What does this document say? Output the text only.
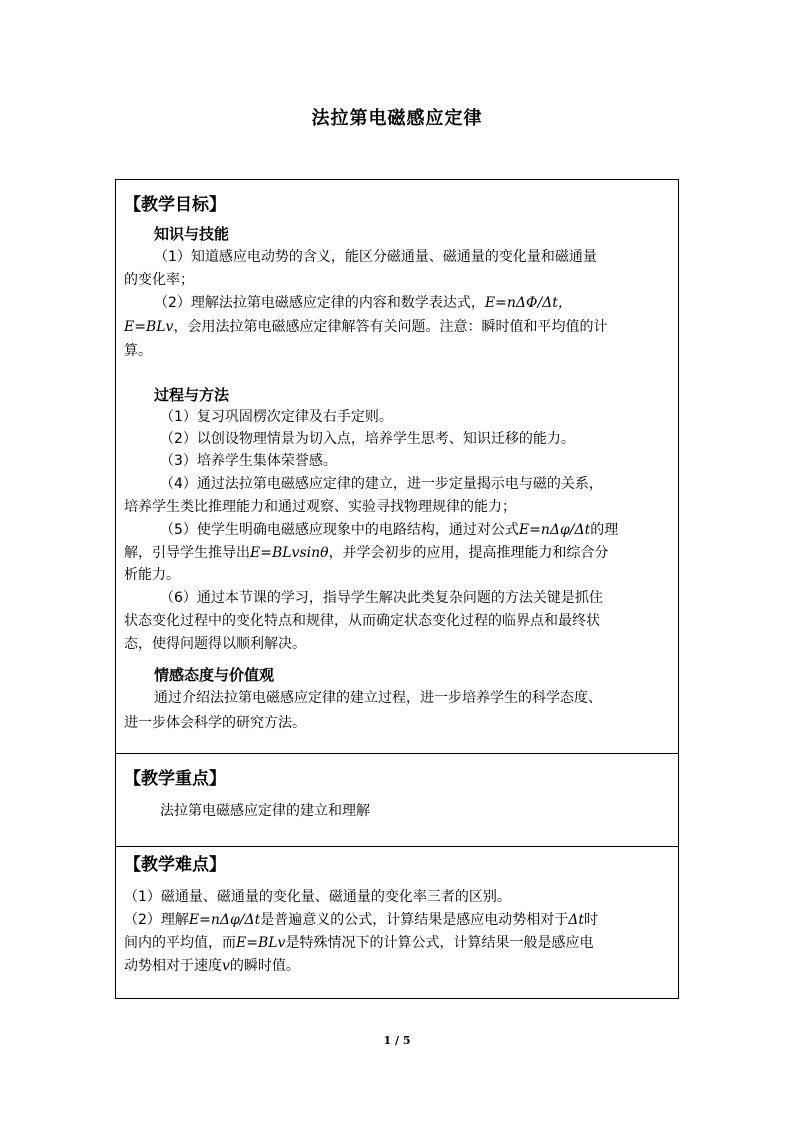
法拉第电磁感应定律
【教学目标】
知识与技能
（1）知道感应电动势的含义，能区分磁通量、磁通量的变化量和磁通量
的变化率；
（2）理解法拉第电磁感应定律的内容和数学表达式，E=nΔΦ/Δt，
E=BLv，会用法拉第电磁感应定律解答有关问题。注意：瞬时值和平均值的计
算。
过程与方法
（1）复习巩固楞次定律及右手定则。
（2）以创设物理情景为切入点，培养学生思考、知识迁移的能力。
（3）培养学生集体荣誉感。
（4）通过法拉第电磁感应定律的建立，进一步定量揭示电与磁的关系，
培养学生类比推理能力和通过观察、实验寻找物理规律的能力；
（5）使学生明确电磁感应现象中的电路结构，通过对公式E=nΔφ/Δt的理
解，引导学生推导出E=BLvsinθ，并学会初步的应用，提高推理能力和综合分
析能力。
（6）通过本节课的学习，指导学生解决此类复杂问题的方法关键是抓住
状态变化过程中的变化特点和规律，从而确定状态变化过程的临界点和最终状
态，使得问题得以顺利解决。
情感态度与价值观
通过介绍法拉第电磁感应定律的建立过程，进一步培养学生的科学态度、
进一步体会科学的研究方法。
【教学重点】
法拉第电磁感应定律的建立和理解
【教学难点】
（1）磁通量、磁通量的变化量、磁通量的变化率三者的区别。
（2）理解E=nΔφ/Δt是普遍意义的公式，计算结果是感应电动势相对于Δt时
间内的平均值，而E=BLv是特殊情况下的计算公式，计算结果一般是感应电
动势相对于速度v的瞬时值。
1 / 5
